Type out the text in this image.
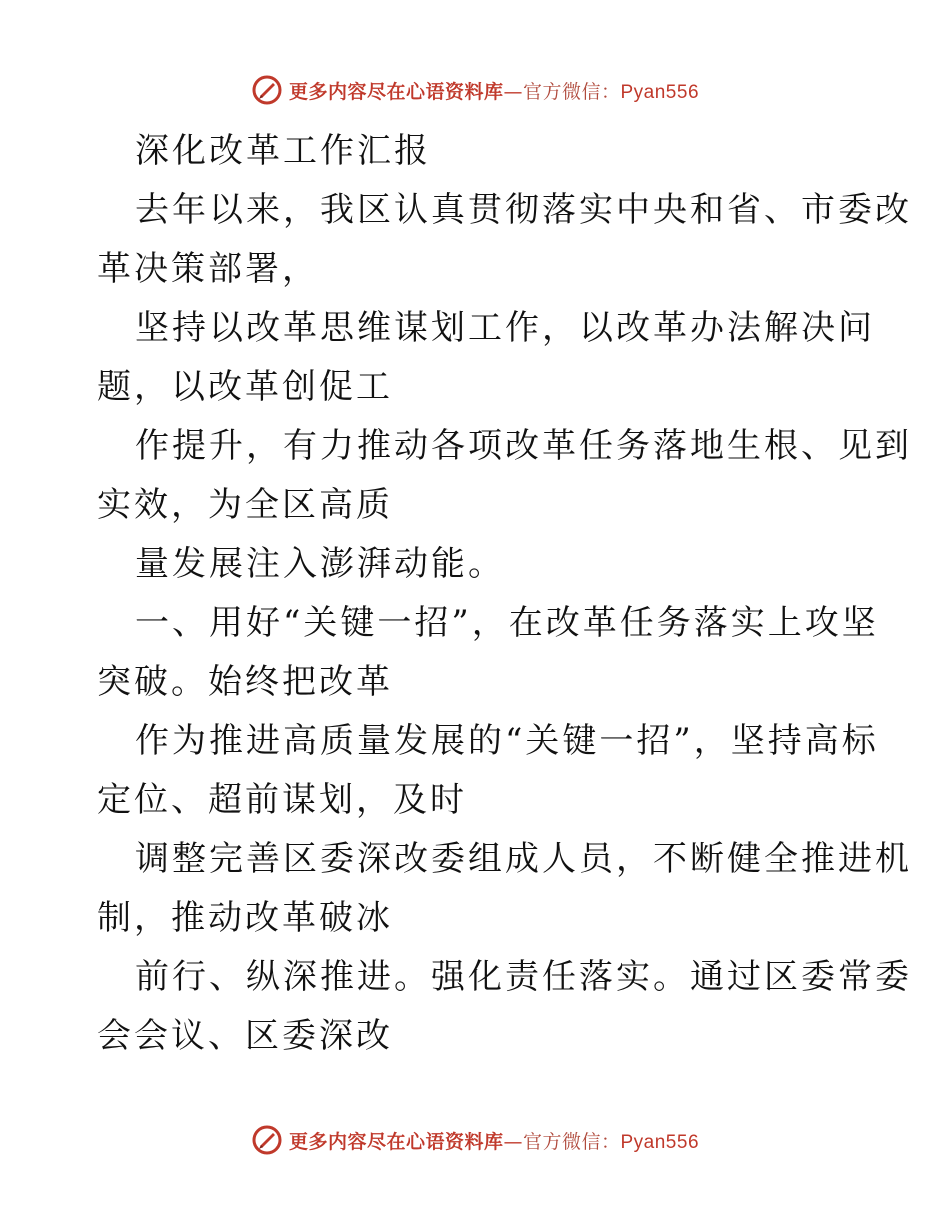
更多内容尽在心语资料库—官方微信：Pyan556
深化改革工作汇报
去年以来，我区认真贯彻落实中央和省、市委改
革决策部署，
坚持以改革思维谋划工作，以改革办法解决问
题，以改革创促工
作提升，有力推动各项改革任务落地生根、见到
实效，为全区高质
量发展注入澎湃动能。
一、用好“关键一招”，在改革任务落实上攻坚
突破。始终把改革
作为推进高质量发展的“关键一招”，坚持高标
定位、超前谋划，及时
调整完善区委深改委组成人员，不断健全推进机
制，推动改革破冰
前行、纵深推进。强化责任落实。通过区委常委
会会议、区委深改
更多内容尽在心语资料库—官方微信：Pyan556
